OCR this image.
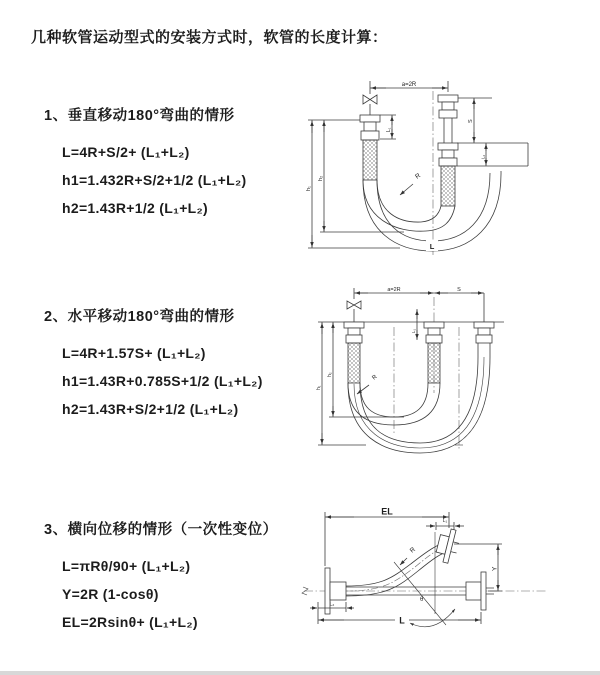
几种软管运动型式的安装方式时，软管的长度计算：
1、垂直移动180°弯曲的情形
L=4R+S/2+ (L₁+L₂)
h1=1.432R+S/2+1/2 (L₁+L₂)
h2=1.43R+1/2 (L₁+L₂)
a=2R
h₁
h₂
L₁
S
L₂
R
L
2、水平移动180°弯曲的情形
L=4R+1.57S+ (L₁+L₂)
h1=1.43R+0.785S+1/2 (L₁+L₂)
h2=1.43R+S/2+1/2 (L₁+L₂)
a=2R	S
L₁
h₁
h₂	R
3、横向位移的情形（一次性变位）
L=πRθ/90+ (L₁+L₂)
Y=2R (1-cosθ)
EL=2Rsinθ+ (L₁+L₂)
EL
L₁
Y
θ
R
L
L₂
